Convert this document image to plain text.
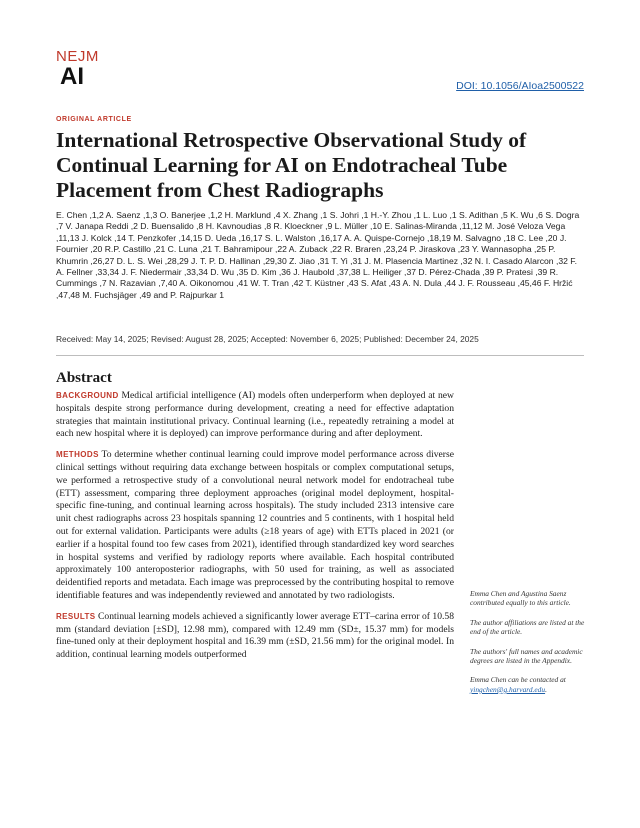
NEJM
AI	DOI: 10.1056/AIoa2500522
ORIGINAL ARTICLE
International Retrospective Observational Study of Continual Learning for AI on Endotracheal Tube Placement from Chest Radiographs
E. Chen ,1,2 A. Saenz ,1,3 O. Banerjee ,1,2 H. Marklund ,4 X. Zhang ,1 S. Johri ,1 H.-Y. Zhou ,1 L. Luo ,1 S. Adithan ,5 K. Wu ,6 S. Dogra ,7 V. Janapa Reddi ,2 D. Buensalido ,8 H. Kavnoudias ,8 R. Kloeckner ,9 L. Müller ,10 E. Salinas-Miranda ,11,12 M. José Veloza Vega ,11,13 J. Kolck ,14 T. Penzkofer ,14,15 D. Ueda ,16,17 S. L. Walston ,16,17 A. A. Quispe-Cornejo ,18,19 M. Salvagno ,18 C. Lee ,20 J. Fournier ,20 R.P. Castillo ,21 C. Luna ,21 T. Bahramipour ,22 A. Zuback ,22 R. Braren ,23,24 P. Jiraskova ,23 Y. Wannasopha ,25 P. Khumrin ,26,27 D. L. S. Wei ,28,29 J. T. P. D. Hallinan ,29,30 Z. Jiao ,31 T. Yi ,31 J. M. Plasencia Martinez ,32 N. I. Casado Alarcon ,32 F. A. Fellner ,33,34 J. F. Niedermair ,33,34 D. Wu ,35 D. Kim ,36 J. Haubold ,37,38 L. Heiliger ,37 D. Pérez-Chada ,39 P. Pratesi ,39 R. Cummings ,7 N. Razavian ,7,40 A. Oikonomou ,41 W. T. Tran ,42 T. Küstner ,43 S. Afat ,43 A. N. Dula ,44 J. F. Rousseau ,45,46 F. Hržić ,47,48 M. Fuchsjäger ,49 and P. Rajpurkar 1
Received: May 14, 2025; Revised: August 28, 2025; Accepted: November 6, 2025; Published: December 24, 2025
Abstract

BACKGROUND Medical artificial intelligence (AI) models often underperform when deployed at new hospitals despite strong performance during development, creating a need for effective adaptation strategies that maintain institutional privacy. Continual learning (i.e., repeatedly retraining a model at each new hospital where it is deployed) can improve performance during and after deployment.

METHODS To determine whether continual learning could improve model performance across diverse clinical settings without requiring data exchange between hospitals or complex computational setups, we performed a retrospective study of a convolutional neural network model for endotracheal tube (ETT) assessment, comparing three deployment approaches (original model deployment, hospital-specific fine-tuning, and continual learning across hospitals). The study included 2313 intensive care unit chest radiographs across 23 hospitals spanning 12 countries and 5 continents, with 1 hospital held out for external validation. Participants were adults (≥18 years of age) with ETTs placed in 2021 (or earlier if a hospital found too few cases from 2021), identified through standardized key word searches in hospital systems and verified by radiology reports where available. Each hospital contributed approximately 100 anteroposterior radiographs, with 50 used for training, as well as associated deidentified reports and metadata. Each image was preprocessed by the contributing hospital to remove identifiable features and was independently reviewed and annotated by two radiologists.

RESULTS Continual learning models achieved a significantly lower average ETT–carina error of 10.58 mm (standard deviation [±SD], 12.98 mm), compared with 12.49 mm (SD±, 15.37 mm) for models fine-tuned only at their deployment hospital and 16.39 mm (±SD, 21.56 mm) for the original model. In addition, continual learning models outperformed

Emma Chen and Agustina Saenz contributed equally to this article.

The author affiliations are listed at the end of the article.

The authors' full names and academic degrees are listed in the Appendix.

Emma Chen can be contacted at yingchen@g.harvard.edu.
